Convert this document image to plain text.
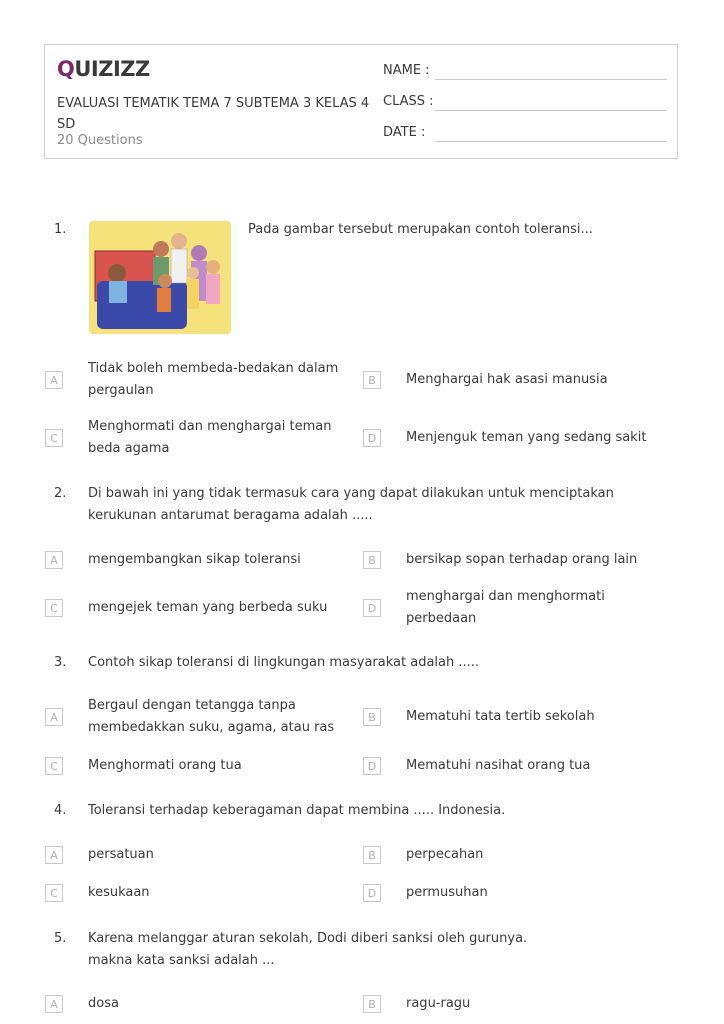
QUIZIZZ
EVALUASI TEMATIK TEMA 7 SUBTEMA 3 KELAS 4 SD
20 Questions
NAME :
CLASS :
DATE :
1.	Pada gambar tersebut merupakan contoh toleransi...
A
Tidak boleh membeda-bedakan dalam pergaulan
B	Menghargai hak asasi manusia
C
Menghormati dan menghargai teman beda agama
D	Menjenguk teman yang sedang sakit
2. Di bawah ini yang tidak termasuk cara yang dapat dilakukan untuk menciptakan kerukunan antarumat beragama adalah .....
A	mengembangkan sikap toleransi	B	bersikap sopan terhadap orang lain
C	mengejek teman yang berbeda suku	D
menghargai dan menghormati perbedaan
3. Contoh sikap toleransi di lingkungan masyarakat adalah .....
A
Bergaul dengan tetangga tanpa membedakkan suku, agama, atau ras
B	Mematuhi tata tertib sekolah
C	Menghormati orang tua	D	Mematuhi nasihat orang tua
4. Toleransi terhadap keberagaman dapat membina ..... Indonesia.
A	persatuan	B	perpecahan
C	kesukaan	D	permusuhan
5. Karena melanggar aturan sekolah, Dodi diberi sanksi oleh gurunya. makna kata sanksi adalah ...
A	dosa	B	ragu-ragu
